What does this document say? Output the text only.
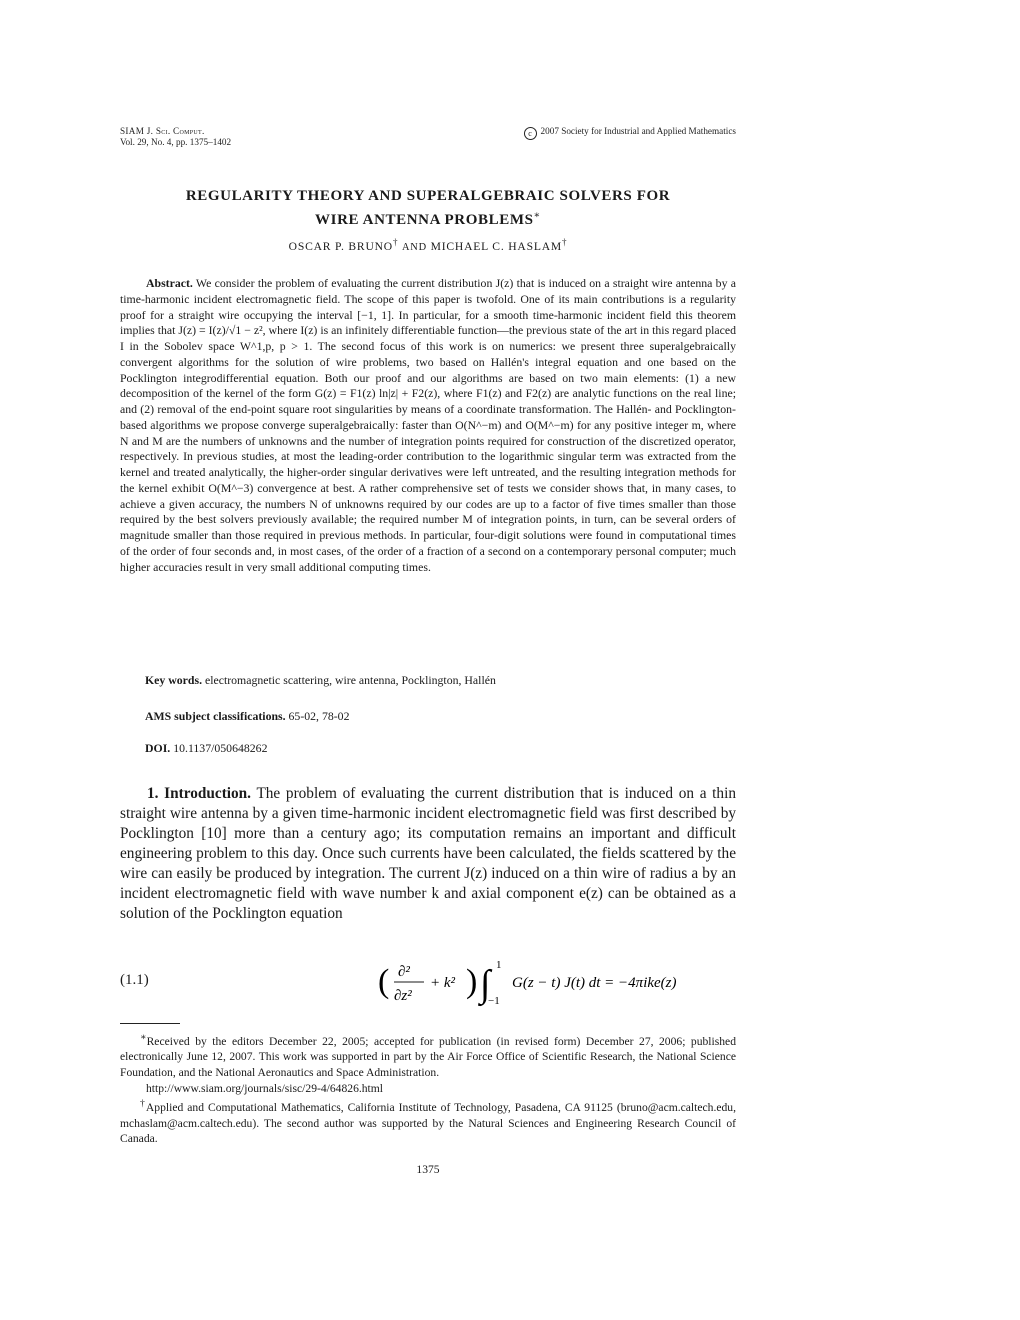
SIAM J. Sci. Comput.
Vol. 29, No. 4, pp. 1375–1402
c 2007 Society for Industrial and Applied Mathematics
REGULARITY THEORY AND SUPERALGEBRAIC SOLVERS FOR
WIRE ANTENNA PROBLEMS∗
OSCAR P. BRUNO† AND MICHAEL C. HASLAM†
Abstract. We consider the problem of evaluating the current distribution J(z) that is induced on a straight wire antenna by a time-harmonic incident electromagnetic field. The scope of this paper is twofold. One of its main contributions is a regularity proof for a straight wire occupying the interval [−1, 1]. In particular, for a smooth time-harmonic incident field this theorem implies that J(z) = I(z)/√1 − z², where I(z) is an infinitely differentiable function—the previous state of the art in this regard placed I in the Sobolev space W^1,p, p > 1. The second focus of this work is on numerics: we present three superalgebraically convergent algorithms for the solution of wire problems, two based on Hallén's integral equation and one based on the Pocklington integrodifferential equation. Both our proof and our algorithms are based on two main elements: (1) a new decomposition of the kernel of the form G(z) = F1(z) ln|z| + F2(z), where F1(z) and F2(z) are analytic functions on the real line; and (2) removal of the end-point square root singularities by means of a coordinate transformation. The Hallén- and Pocklington-based algorithms we propose converge superalgebraically: faster than O(N^−m) and O(M^−m) for any positive integer m, where N and M are the numbers of unknowns and the number of integration points required for construction of the discretized operator, respectively. In previous studies, at most the leading-order contribution to the logarithmic singular term was extracted from the kernel and treated analytically, the higher-order singular derivatives were left untreated, and the resulting integration methods for the kernel exhibit O(M^−3) convergence at best. A rather comprehensive set of tests we consider shows that, in many cases, to achieve a given accuracy, the numbers N of unknowns required by our codes are up to a factor of five times smaller than those required by the best solvers previously available; the required number M of integration points, in turn, can be several orders of magnitude smaller than those required in previous methods. In particular, four-digit solutions were found in computational times of the order of four seconds and, in most cases, of the order of a fraction of a second on a contemporary personal computer; much higher accuracies result in very small additional computing times.
Key words. electromagnetic scattering, wire antenna, Pocklington, Hallén
AMS subject classifications. 65-02, 78-02
DOI. 10.1137/050648262
1. Introduction. The problem of evaluating the current distribution that is induced on a thin straight wire antenna by a given time-harmonic incident electromagnetic field was first described by Pocklington [10] more than a century ago; its computation remains an important and difficult engineering problem to this day. Once such currents have been calculated, the fields scattered by the wire can easily be produced by integration. The current J(z) induced on a thin wire of radius a by an incident electromagnetic field with wave number k and axial component e(z) can be obtained as a solution of the Pocklington equation
(1.1)	( ∂²
∂z²
+ k² ) ∫ 1
−1
G(z − t) J(t) dt = −4πike(z)

∗Received by the editors December 22, 2005; accepted for publication (in revised form) December 27, 2006; published electronically June 12, 2007. This work was supported in part by the Air Force Office of Scientific Research, the National Science Foundation, and the National Aeronautics and Space Administration.

http://www.siam.org/journals/sisc/29-4/64826.html

†Applied and Computational Mathematics, California Institute of Technology, Pasadena, CA 91125 (bruno@acm.caltech.edu, mchaslam@acm.caltech.edu). The second author was supported by the Natural Sciences and Engineering Research Council of Canada.

1375
